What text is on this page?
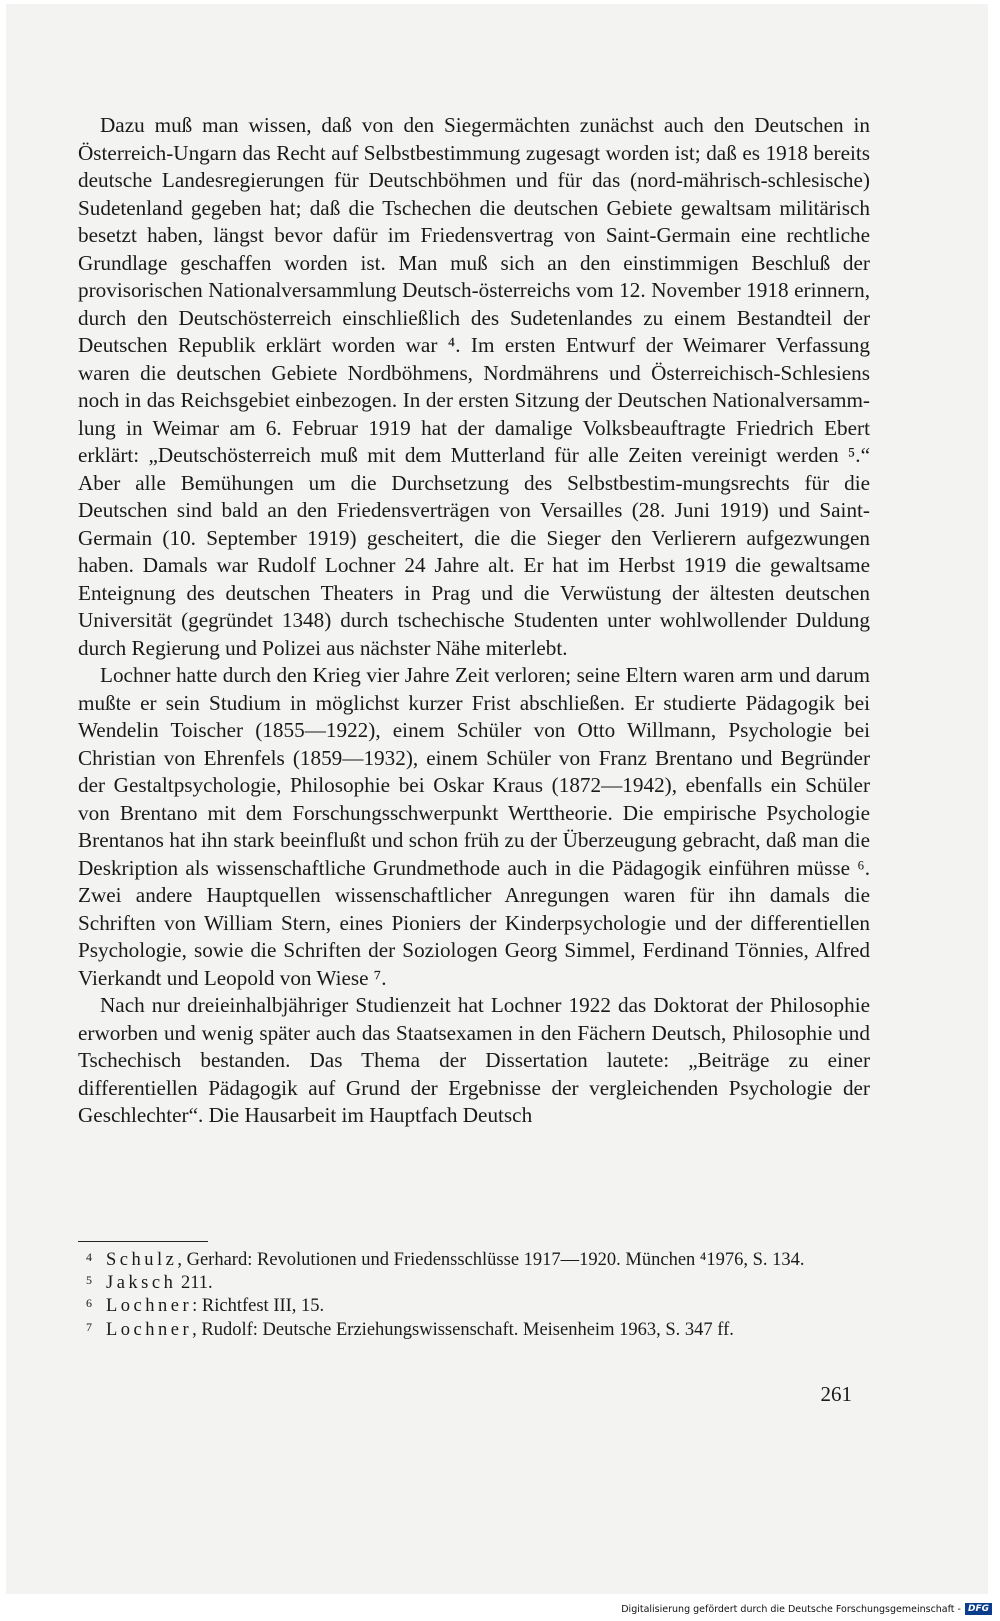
Dazu muß man wissen, daß von den Siegermächten zunächst auch den Deutschen in Österreich-Ungarn das Recht auf Selbstbestimmung zugesagt worden ist; daß es 1918 bereits deutsche Landesregierungen für Deutschböhmen und für das (nord-mährisch-schlesische) Sudetenland gegeben hat; daß die Tschechen die deutschen Gebiete gewaltsam militärisch besetzt haben, längst bevor dafür im Friedensvertrag von Saint-Germain eine rechtliche Grundlage geschaffen worden ist. Man muß sich an den einstimmigen Beschluß der provisorischen Nationalversammlung Deutsch-österreichs vom 12. November 1918 erinnern, durch den Deutschösterreich einschließlich des Sudetenlandes zu einem Bestandteil der Deutschen Republik erklärt worden war ⁴. Im ersten Entwurf der Weimarer Verfassung waren die deutschen Gebiete Nordböhmens, Nordmährens und Österreichisch-Schlesiens noch in das Reichsgebiet einbezogen. In der ersten Sitzung der Deutschen Nationalversamm-lung in Weimar am 6. Februar 1919 hat der damalige Volksbeauftragte Friedrich Ebert erklärt: „Deutschösterreich muß mit dem Mutterland für alle Zeiten vereinigt werden ⁵.“ Aber alle Bemühungen um die Durchsetzung des Selbstbestim-mungsrechts für die Deutschen sind bald an den Friedensverträgen von Versailles (28. Juni 1919) und Saint-Germain (10. September 1919) gescheitert, die die Sieger den Verlierern aufgezwungen haben. Damals war Rudolf Lochner 24 Jahre alt. Er hat im Herbst 1919 die gewaltsame Enteignung des deutschen Theaters in Prag und die Verwüstung der ältesten deutschen Universität (gegründet 1348) durch tschechische Studenten unter wohlwollender Duldung durch Regierung und Polizei aus nächster Nähe miterlebt.

Lochner hatte durch den Krieg vier Jahre Zeit verloren; seine Eltern waren arm und darum mußte er sein Studium in möglichst kurzer Frist abschließen. Er studierte Pädagogik bei Wendelin Toischer (1855—1922), einem Schüler von Otto Willmann, Psychologie bei Christian von Ehrenfels (1859—1932), einem Schüler von Franz Brentano und Begründer der Gestaltpsychologie, Philosophie bei Oskar Kraus (1872—1942), ebenfalls ein Schüler von Brentano mit dem Forschungsschwerpunkt Werttheorie. Die empirische Psychologie Brentanos hat ihn stark beeinflußt und schon früh zu der Überzeugung gebracht, daß man die Deskription als wissenschaftliche Grundmethode auch in die Pädagogik einführen müsse ⁶. Zwei andere Hauptquellen wissenschaftlicher Anregungen waren für ihn damals die Schriften von William Stern, eines Pioniers der Kinderpsychologie und der differentiellen Psychologie, sowie die Schriften der Soziologen Georg Simmel, Ferdinand Tönnies, Alfred Vierkandt und Leopold von Wiese ⁷.

Nach nur dreieinhalbjähriger Studienzeit hat Lochner 1922 das Doktorat der Philosophie erworben und wenig später auch das Staatsexamen in den Fächern Deutsch, Philosophie und Tschechisch bestanden. Das Thema der Dissertation lautete: „Beiträge zu einer differentiellen Pädagogik auf Grund der Ergebnisse der vergleichenden Psychologie der Geschlechter“. Die Hausarbeit im Hauptfach Deutsch

4 Schulz, Gerhard: Revolutionen und Friedensschlüsse 1917—1920. München ⁴1976, S. 134.
5 Jaksch 211.
6 Lochner: Richtfest III, 15.
7 Lochner, Rudolf: Deutsche Erziehungswissenschaft. Meisenheim 1963, S. 347 ff.
261
Digitalisierung gefördert durch die Deutsche Forschungsgemeinschaft - DFG
